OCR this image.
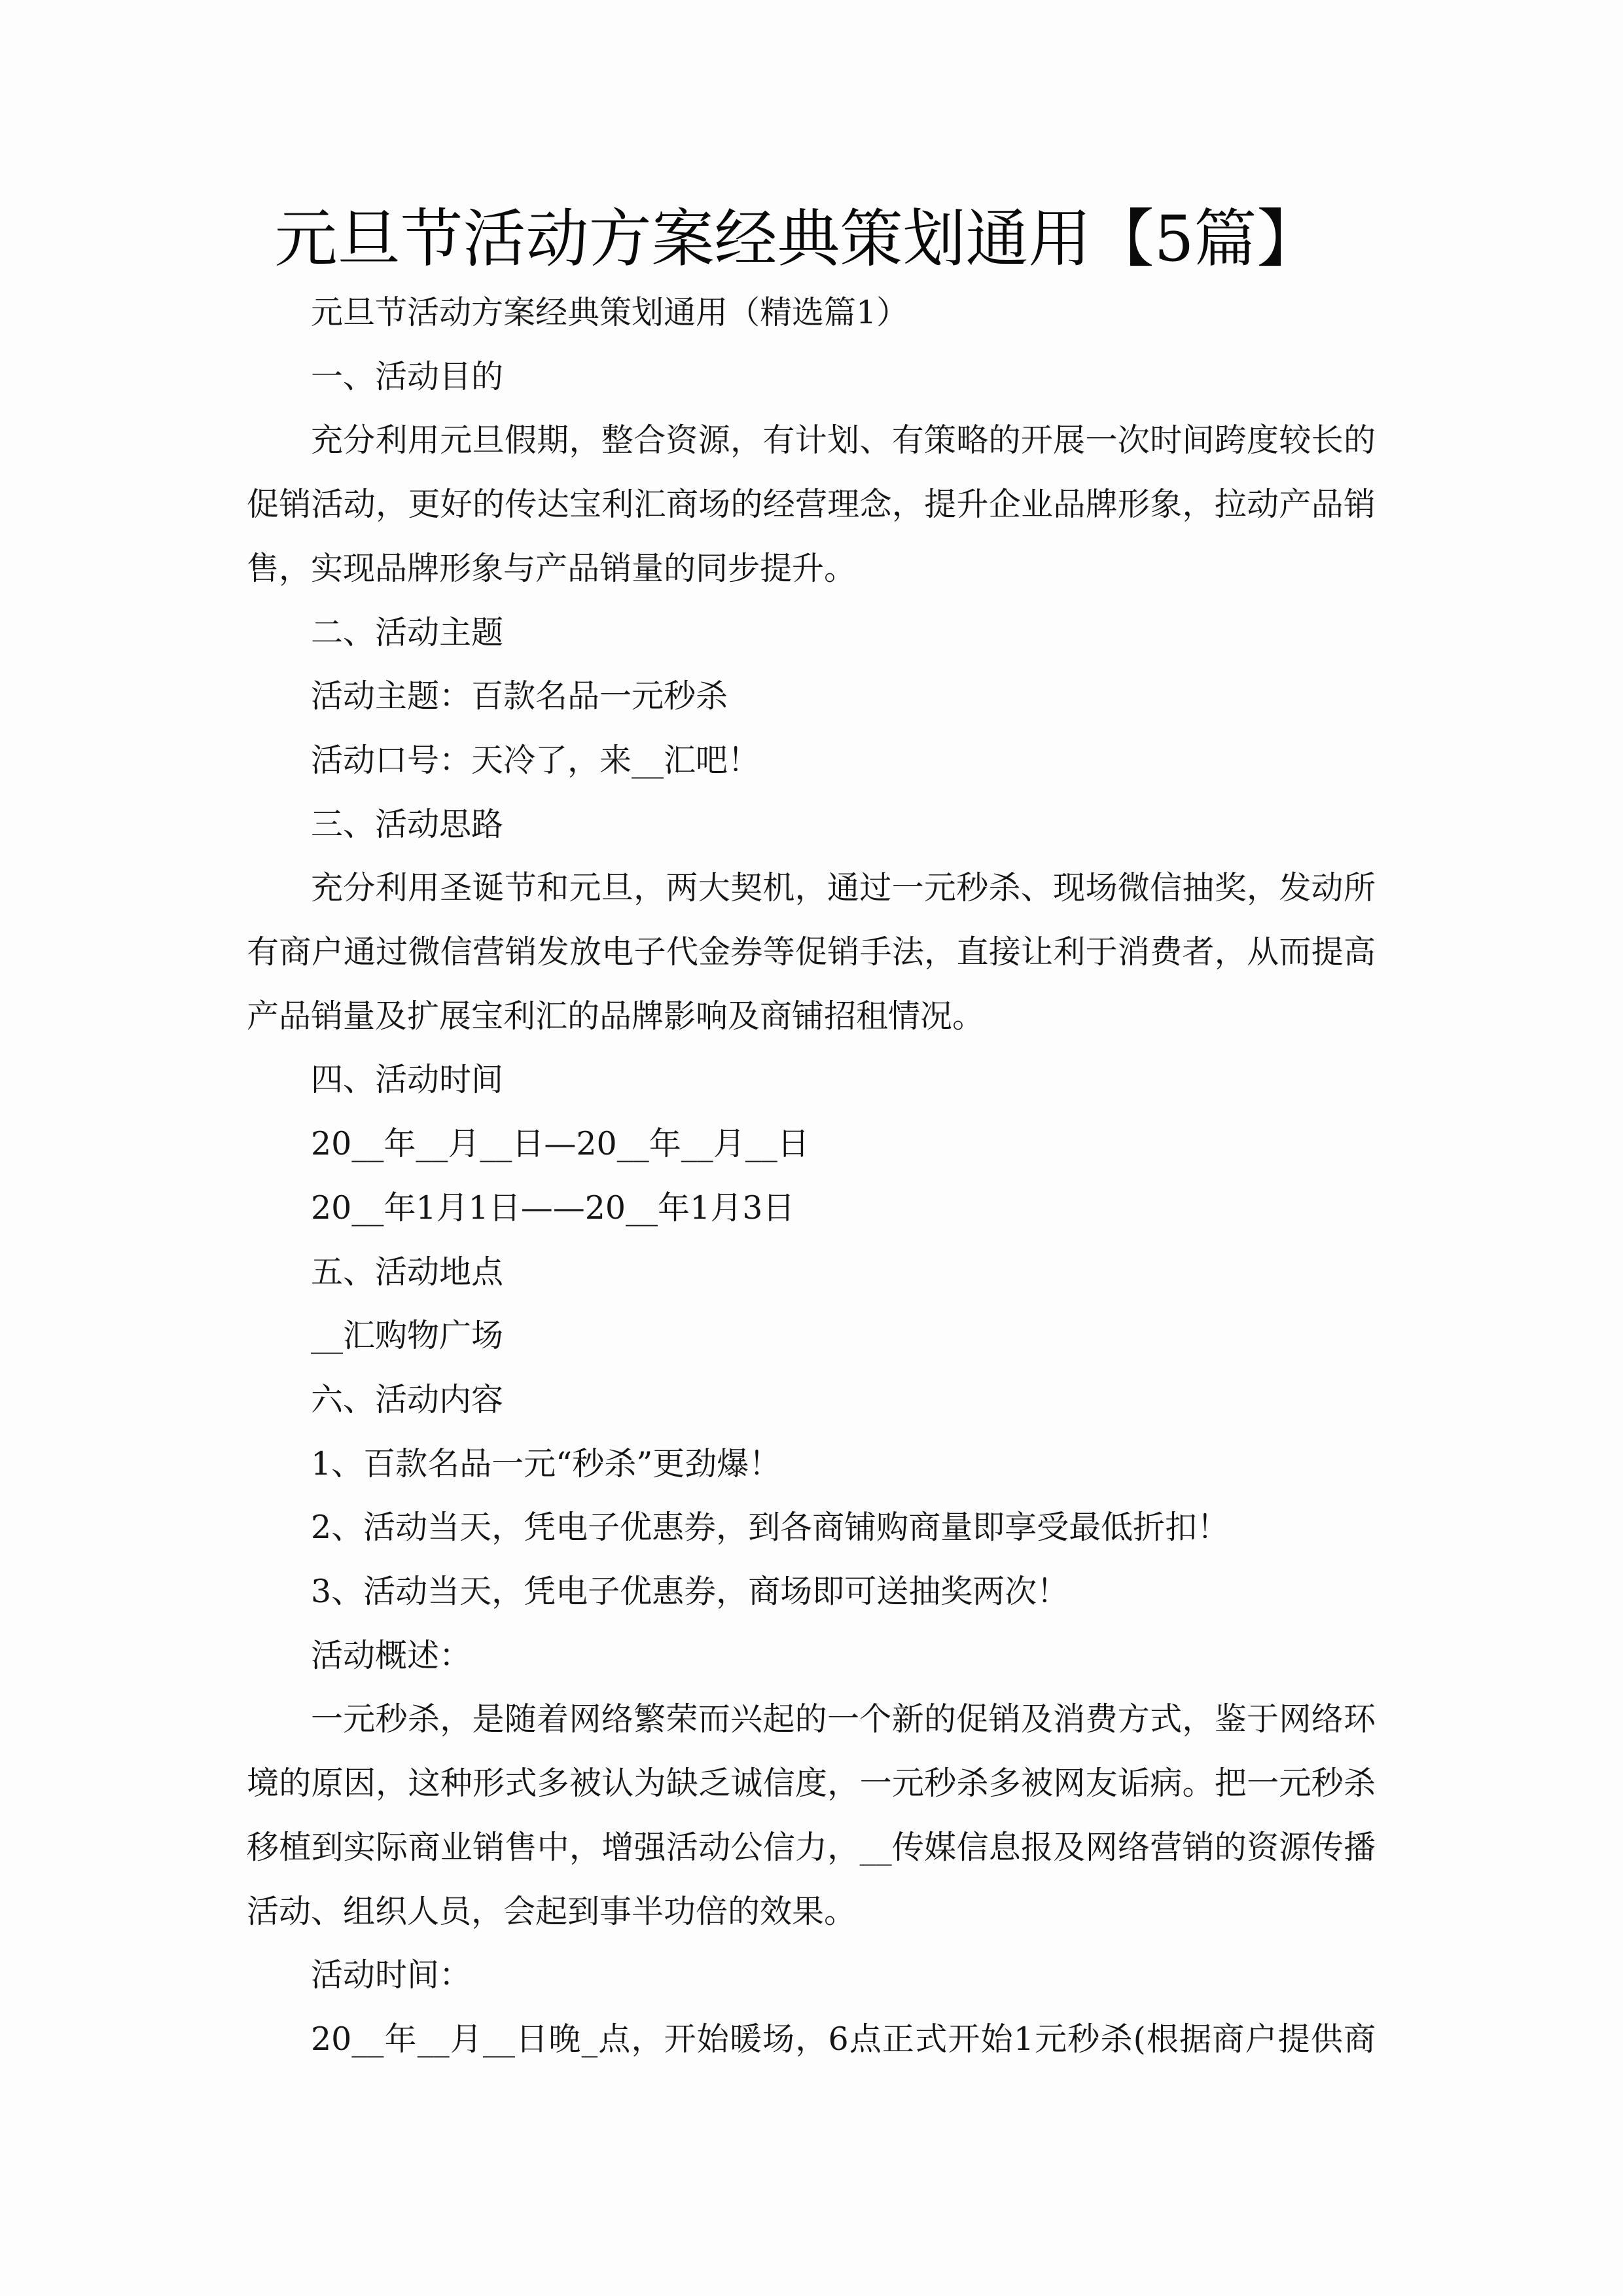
元旦节活动方案经典策划通用【5篇】
元旦节活动方案经典策划通用（精选篇1）
一、活动目的
充分利用元旦假期，整合资源，有计划、有策略的开展一次时间跨度较长的
促销活动，更好的传达宝利汇商场的经营理念，提升企业品牌形象，拉动产品销
售，实现品牌形象与产品销量的同步提升。
二、活动主题
活动主题：百款名品一元秒杀
活动口号：天冷了，来__汇吧！
三、活动思路
充分利用圣诞节和元旦，两大契机，通过一元秒杀、现场微信抽奖，发动所
有商户通过微信营销发放电子代金券等促销手法，直接让利于消费者，从而提高
产品销量及扩展宝利汇的品牌影响及商铺招租情况。
四、活动时间
20__年__月__日—20__年__月__日
20__年1月1日——20__年1月3日
五、活动地点
__汇购物广场
六、活动内容
1、百款名品一元“秒杀”更劲爆！
2、活动当天，凭电子优惠券，到各商铺购商量即享受最低折扣！
3、活动当天，凭电子优惠券，商场即可送抽奖两次！
活动概述：
一元秒杀，是随着网络繁荣而兴起的一个新的促销及消费方式，鉴于网络环
境的原因，这种形式多被认为缺乏诚信度，一元秒杀多被网友诟病。把一元秒杀
移植到实际商业销售中，增强活动公信力，__传媒信息报及网络营销的资源传播
活动、组织人员，会起到事半功倍的效果。
活动时间：
20__年__月__日晚_点，开始暖场，6点正式开始1元秒杀(根据商户提供商
